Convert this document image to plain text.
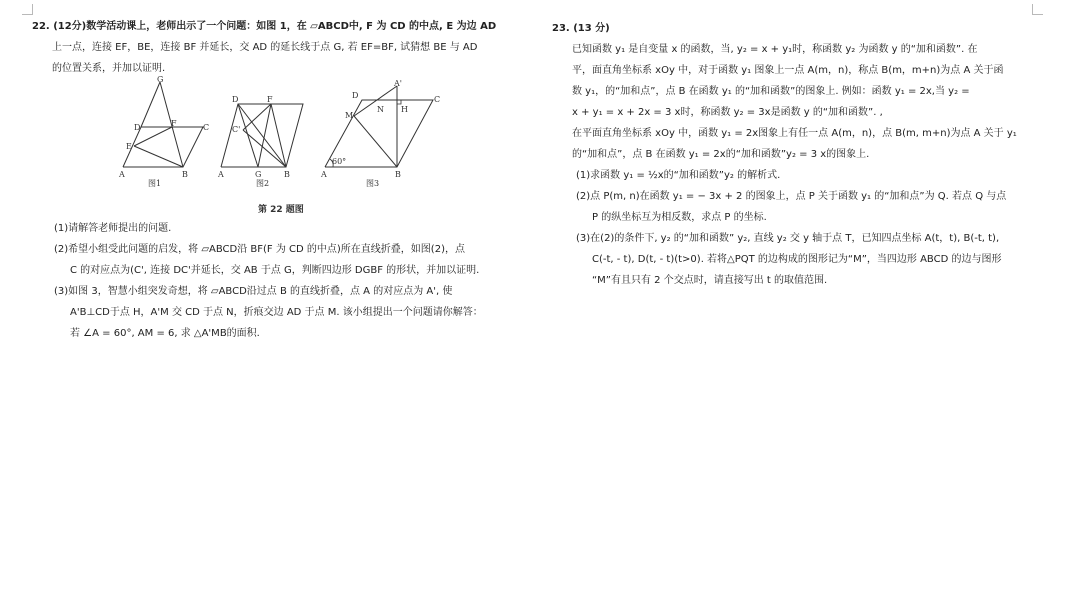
22. (12分)数学活动课上，老师出示了一个问题：如图 1，在 ▱ABCD中, F 为 CD 的中点, E 为边 AD
上一点，连接 EF，BE，连接 BF 并延长，交 AD 的延长线于点 G, 若 EF=BF, 试猜想 BE 与 AD
的位置关系，并加以证明.
G
D	F	C
E
A	B
图1
D	F
C'
A	G	B
图2
A'
D
N H
M
C
A	B
60°
图3
第 22 题图
(1)请解答老师提出的问题.
(2)希望小组受此问题的启发，将 ▱ABCD沿 BF(F 为 CD 的中点)所在直线折叠，如图(2)，点
C 的对应点为(C', 连接 DC'并延长，交 AB 于点 G，判断四边形 DGBF 的形状，并加以证明.
(3)如图 3，智慧小组突发奇想，将 ▱ABCD沿过点 B 的直线折叠，点 A 的对应点为 A', 使
A'B⊥CD于点 H，A'M 交 CD 于点 N，折痕交边 AD 于点 M. 该小组提出一个问题请你解答：
若 ∠A = 60°, AM = 6, 求 △A'MB的面积.
23. (13 分)
已知函数 y₁ 是自变量 x 的函数，当, y₂ = x + y₁时，称函数 y₂ 为函数 y 的“加和函数”. 在
平，面直角坐标系 xOy 中，对于函数 y₁ 图象上一点 A(m，n)，称点 B(m，m+n)为点 A 关于函
数 y₁，的“加和点”，点 B 在函数 y₁ 的“加和函数”的图象上. 例如：函数 y₁ = 2x,当 y₂ =
x + y₁ = x + 2x = 3 x时，称函数 y₂ = 3x是函数 y 的“加和函数”. ,
在平面直角坐标系 xOy 中，函数 y₁ = 2x图象上有任一点 A(m，n)，点 B(m, m+n)为点 A 关于 y₁
的“加和点”，点 B 在函数 y₁ = 2x的“加和函数”y₂ = 3 x的图象上.
(1)求函数 y₁ = ½x的“加和函数”y₂ 的解析式.
(2)点 P(m, n)在函数 y₁ = − 3x + 2 的图象上，点 P 关于函数 y₁ 的“加和点”为 Q. 若点 Q 与点
P 的纵坐标互为相反数，求点 P 的坐标.
(3)在(2)的条件下, y₂ 的“加和函数” y₂, 直线 y₂ 交 y 轴于点 T，已知四点坐标 A(t，t), B(-t, t),
C(-t, - t), D(t, - t)(t>0). 若将△PQT 的边构成的图形记为“M”，当四边形 ABCD 的边与图形
“M”有且只有 2 个交点时，请直接写出 t 的取值范围.
